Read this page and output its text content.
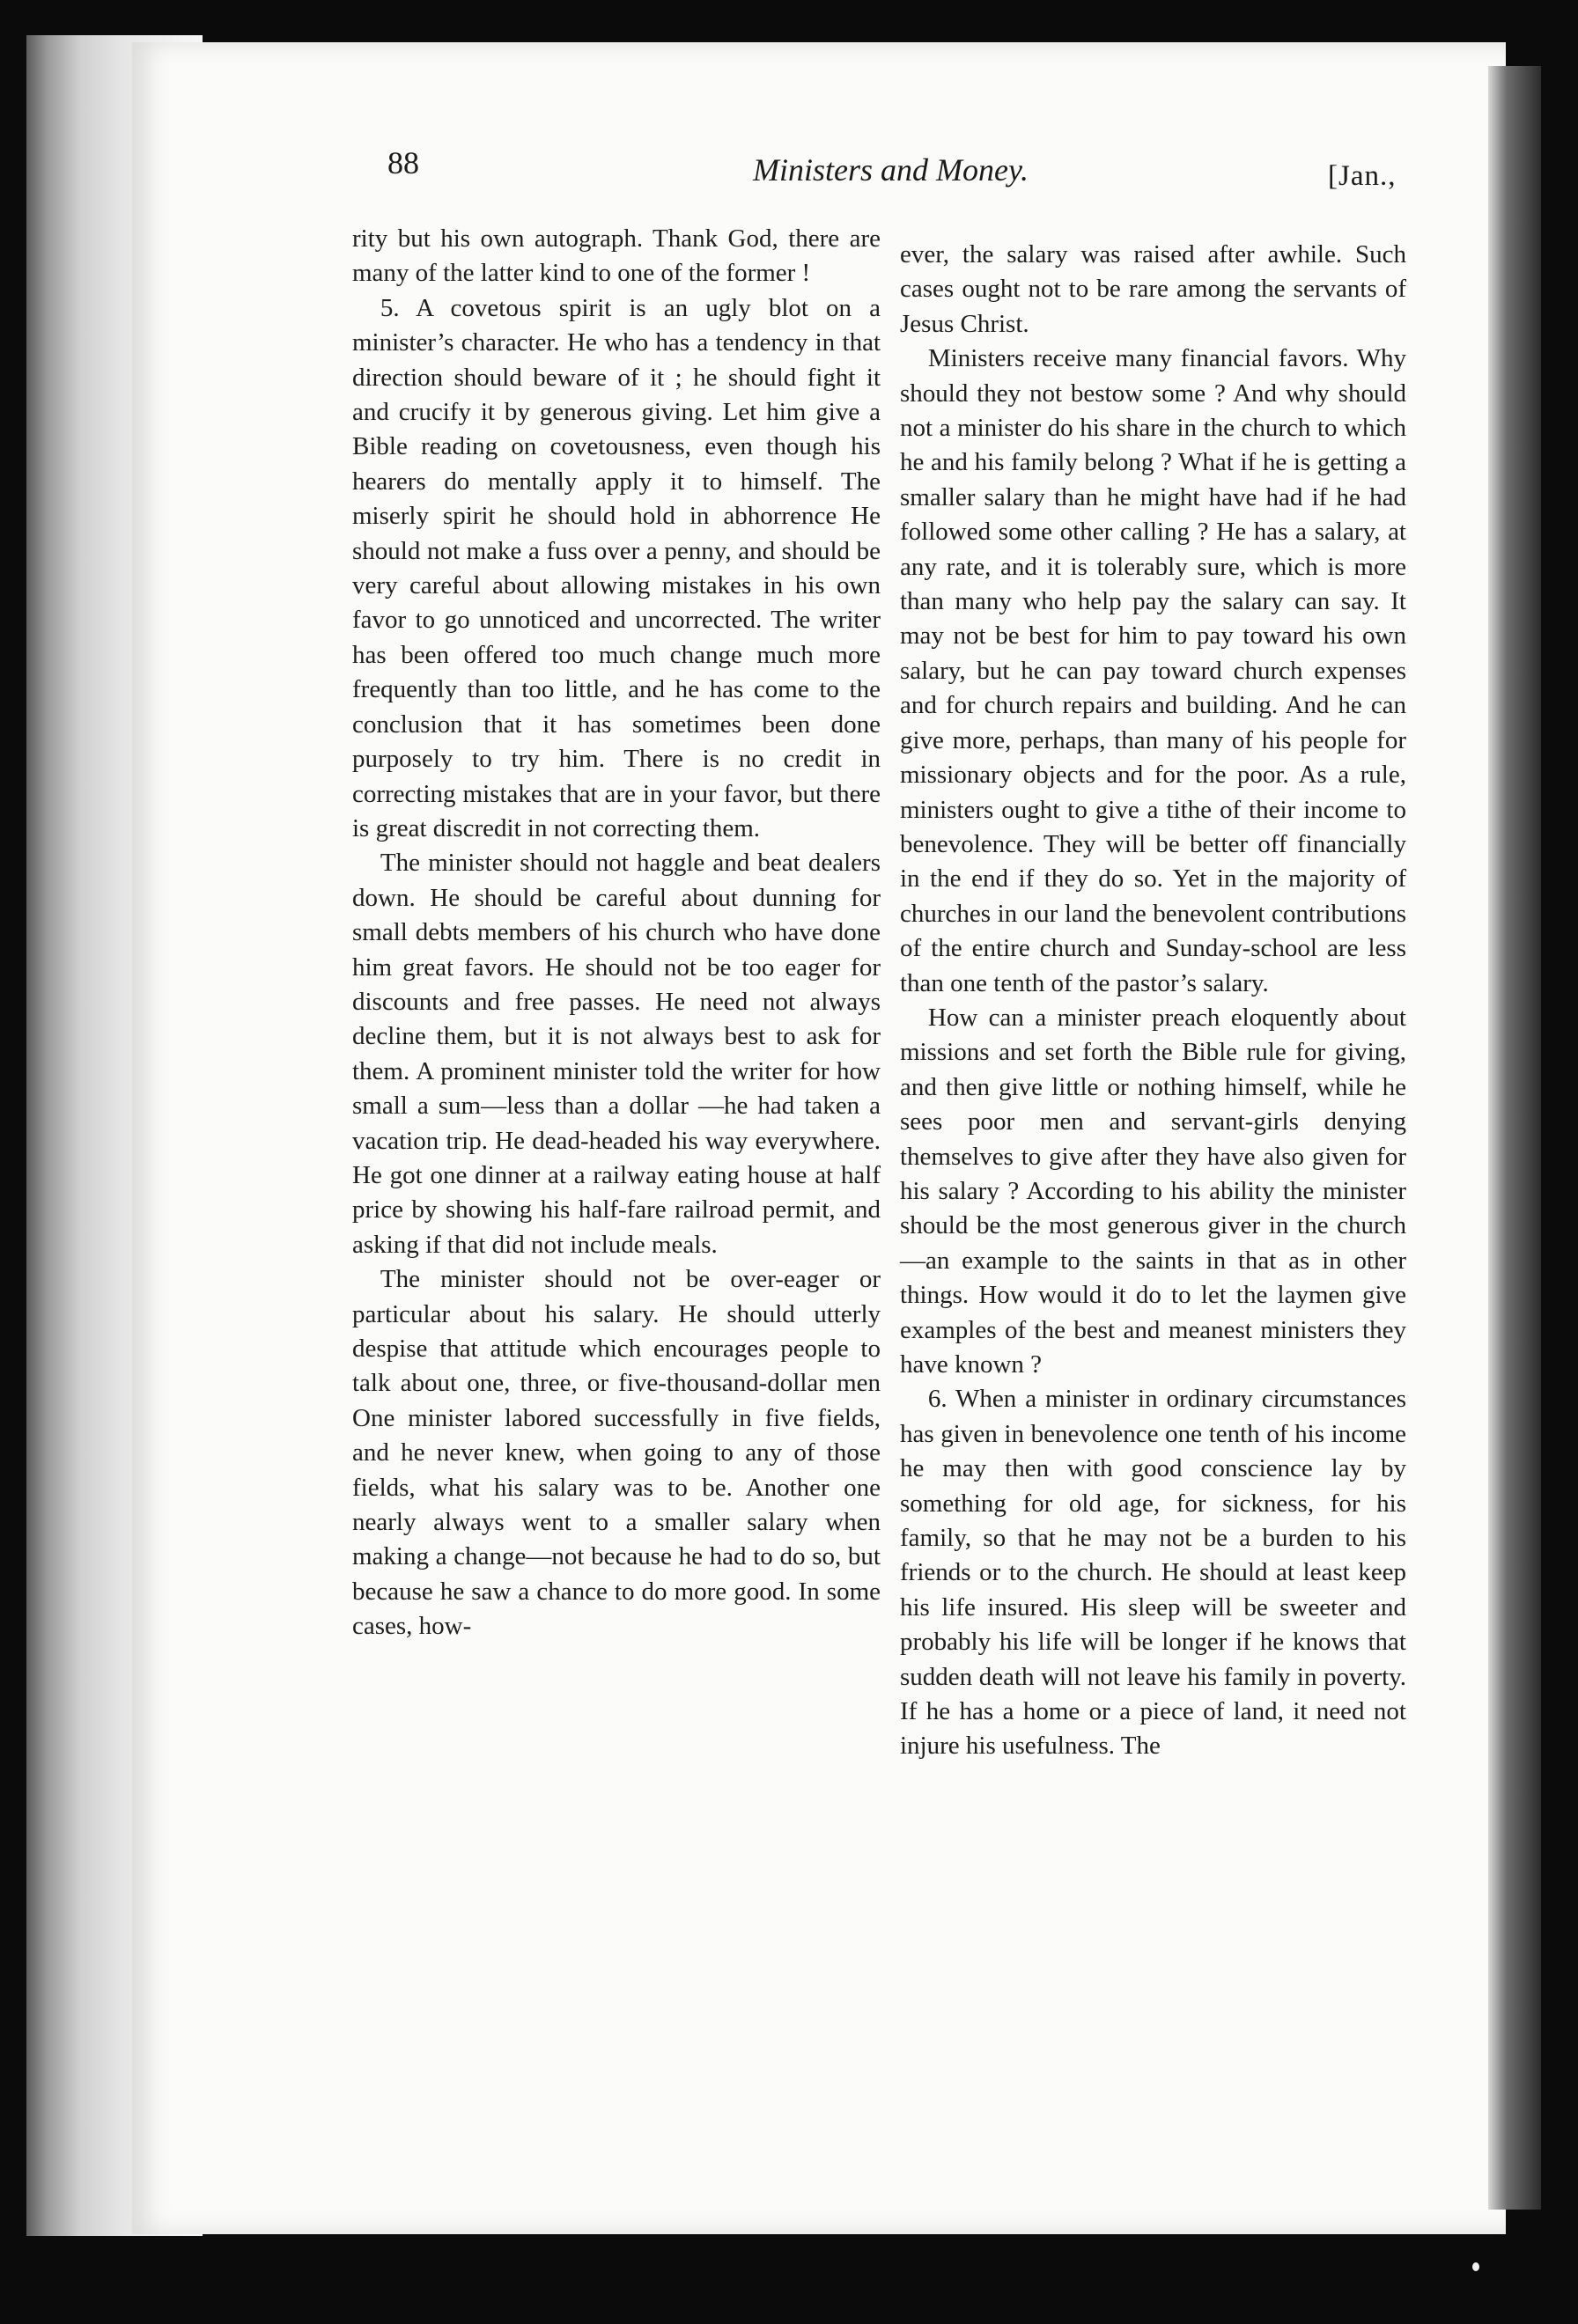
88	Ministers and Money.	[Jan.,

rity but his own autograph. Thank God, there are many of the latter kind to one of the former !

5. A covetous spirit is an ugly blot on a minister’s character. He who has a tendency in that direction should beware of it ; he should fight it and crucify it by generous giving. Let him give a Bible reading on covetousness, even though his hearers do mentally apply it to himself. The miserly spirit he should hold in abhorrence He should not make a fuss over a penny, and should be very careful about allowing mistakes in his own favor to go unnoticed and uncorrected. The writer has been offered too much change much more frequently than too little, and he has come to the conclusion that it has sometimes been done purposely to try him. There is no credit in correcting mistakes that are in your favor, but there is great discredit in not correcting them.

The minister should not haggle and beat dealers down. He should be careful about dunning for small debts members of his church who have done him great favors. He should not be too eager for discounts and free passes. He need not always decline them, but it is not always best to ask for them. A prominent minister told the writer for how small a sum—less than a dollar —he had taken a vacation trip. He dead-headed his way everywhere. He got one dinner at a railway eating house at half price by showing his half-fare railroad permit, and asking if that did not include meals.

The minister should not be over-eager or particular about his salary. He should utterly despise that attitude which encourages people to talk about one, three, or five-thousand-dollar men One minister labored successfully in five fields, and he never knew, when going to any of those fields, what his salary was to be. Another one nearly always went to a smaller salary when making a change—not because he had to do so, but because he saw a chance to do more good. In some cases, how-

ever, the salary was raised after awhile. Such cases ought not to be rare among the servants of Jesus Christ.

Ministers receive many financial favors. Why should they not bestow some ? And why should not a minister do his share in the church to which he and his family belong ? What if he is getting a smaller salary than he might have had if he had followed some other calling ? He has a salary, at any rate, and it is tolerably sure, which is more than many who help pay the salary can say. It may not be best for him to pay toward his own salary, but he can pay toward church expenses and for church repairs and building. And he can give more, perhaps, than many of his people for missionary objects and for the poor. As a rule, ministers ought to give a tithe of their income to benevolence. They will be better off financially in the end if they do so. Yet in the majority of churches in our land the benevolent contributions of the entire church and Sunday-school are less than one tenth of the pastor’s salary.

How can a minister preach eloquently about missions and set forth the Bible rule for giving, and then give little or nothing himself, while he sees poor men and servant-girls denying themselves to give after they have also given for his salary ? According to his ability the minister should be the most generous giver in the church—an example to the saints in that as in other things. How would it do to let the laymen give examples of the best and meanest ministers they have known ?

6. When a minister in ordinary circumstances has given in benevolence one tenth of his income he may then with good conscience lay by something for old age, for sickness, for his family, so that he may not be a burden to his friends or to the church. He should at least keep his life insured. His sleep will be sweeter and probably his life will be longer if he knows that sudden death will not leave his family in poverty. If he has a home or a piece of land, it need not injure his usefulness. The
